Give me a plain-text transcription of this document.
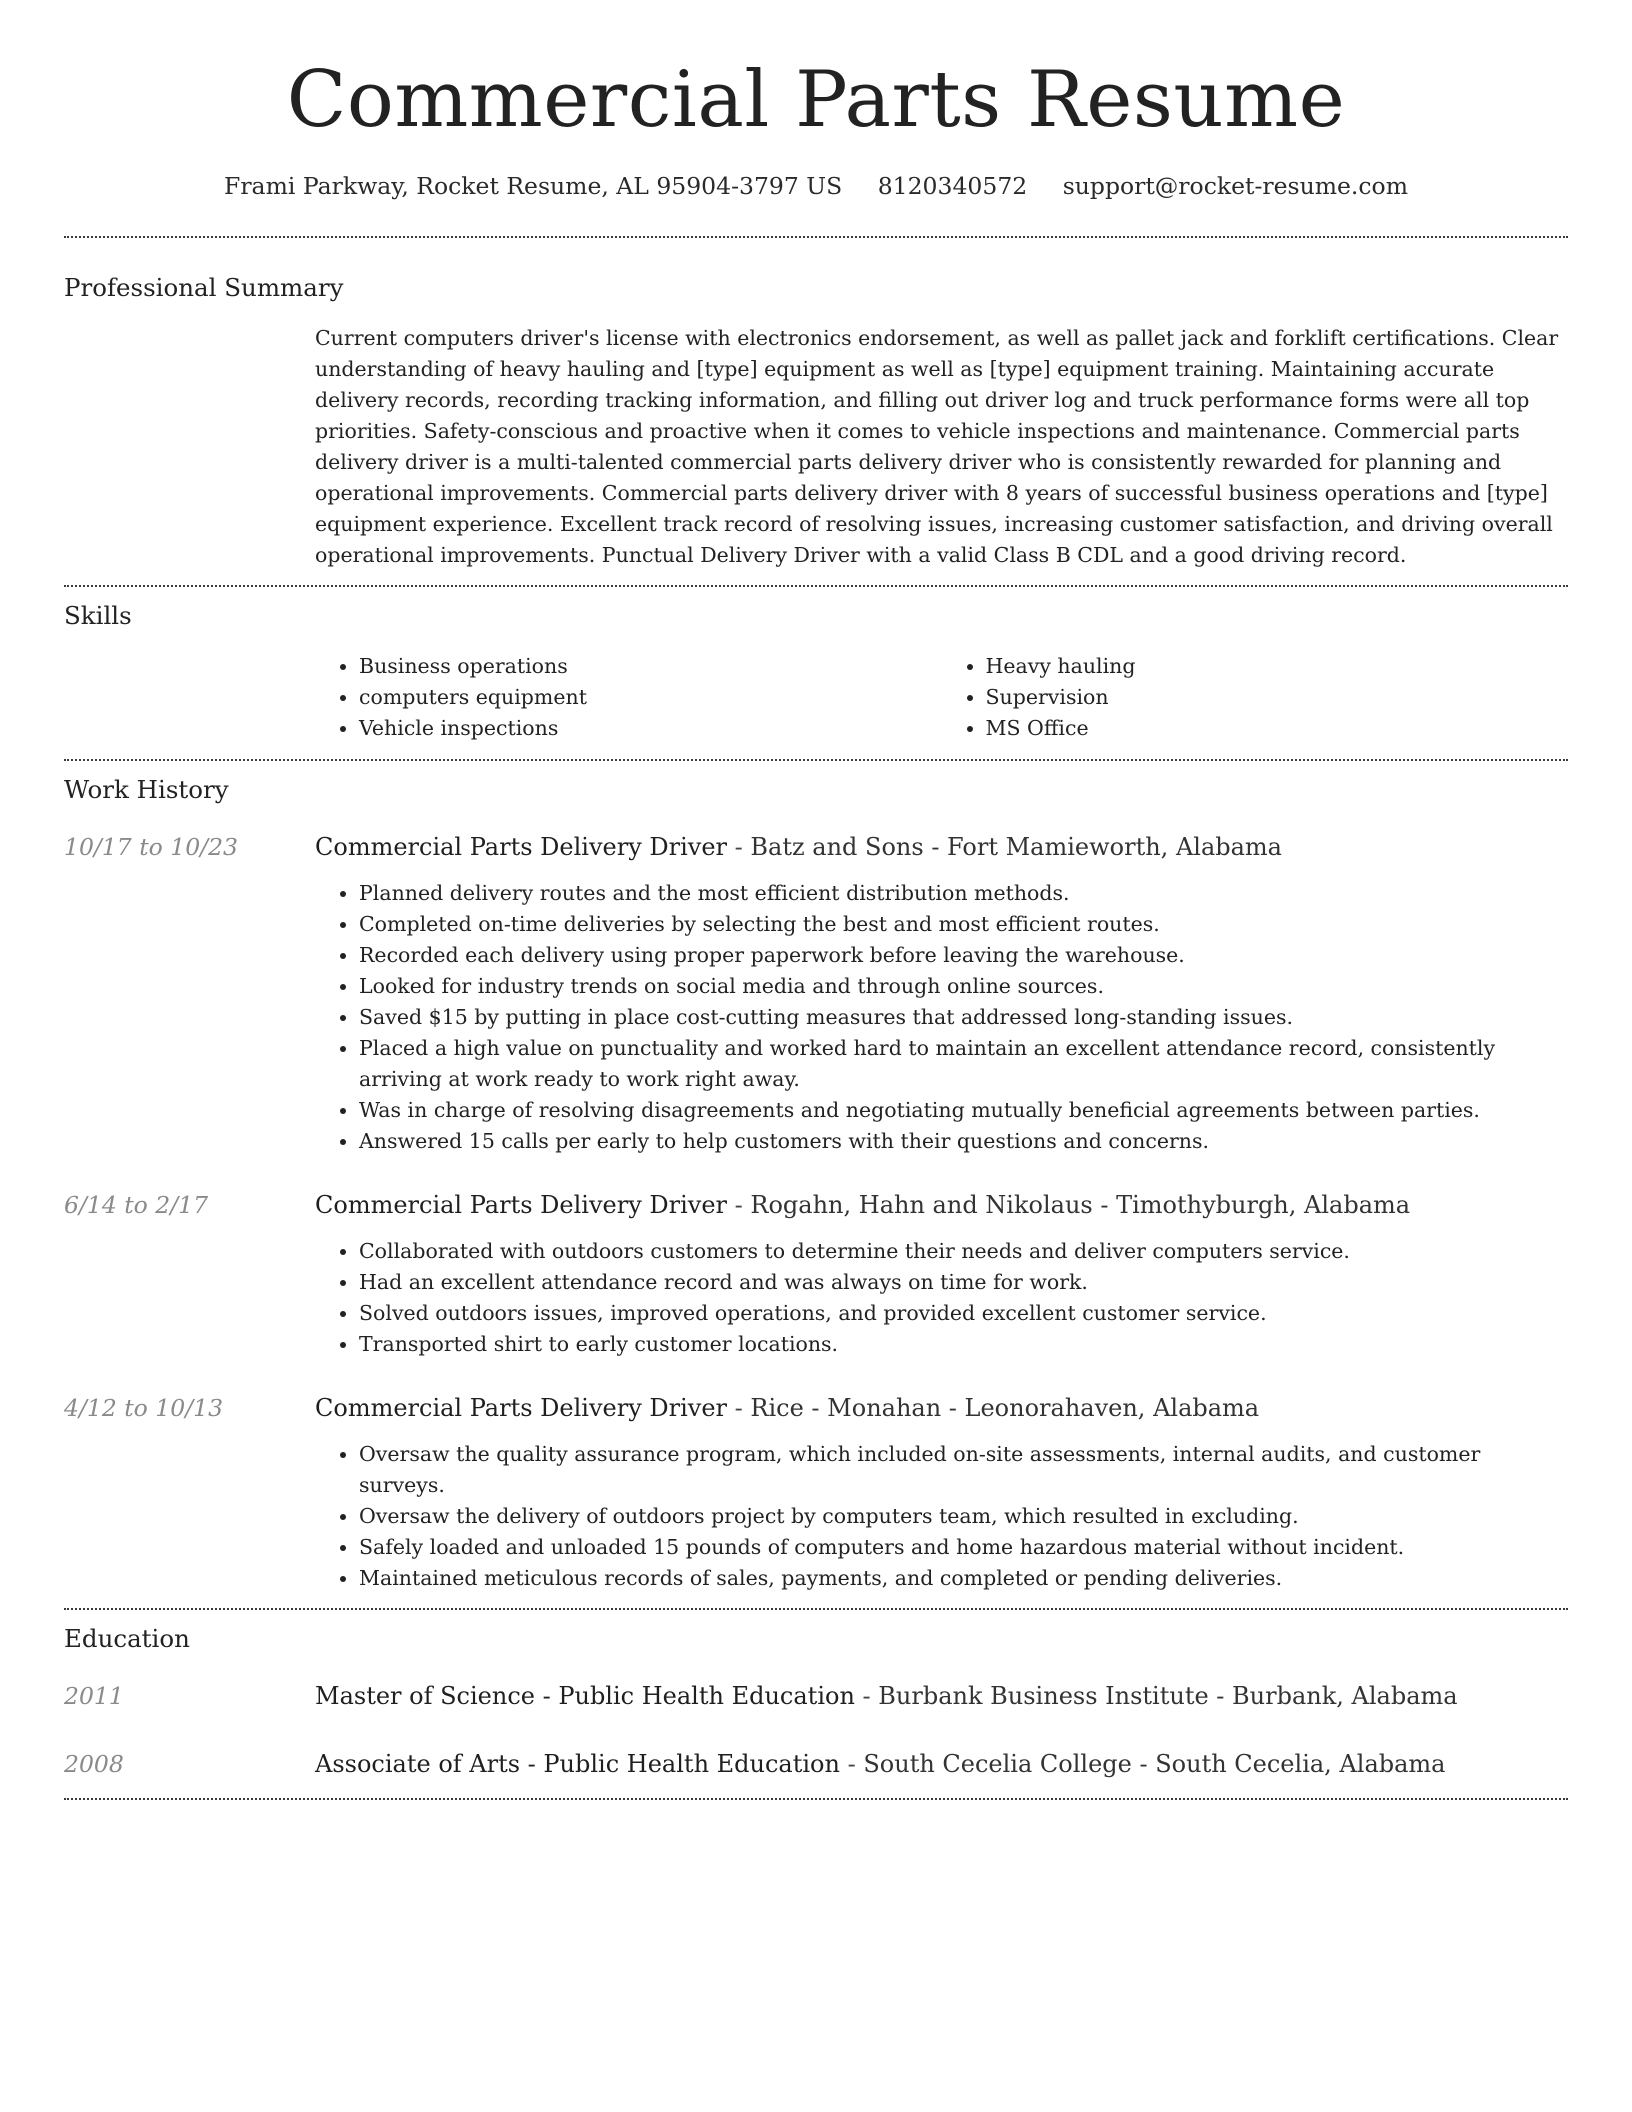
Commercial Parts Resume
Frami Parkway, Rocket Resume, AL 95904-3797 US 8120340572 support@rocket-resume.com
Professional Summary

Current computers driver's license with electronics endorsement, as well as pallet jack and forklift certifications. Clear understanding of heavy hauling and [type] equipment as well as [type] equipment training. Maintaining accurate delivery records, recording tracking information, and filling out driver log and truck performance forms were all top priorities. Safety-conscious and proactive when it comes to vehicle inspections and maintenance. Commercial parts delivery driver is a multi-talented commercial parts delivery driver who is consistently rewarded for planning and operational improvements. Commercial parts delivery driver with 8 years of successful business operations and [type] equipment experience. Excellent track record of resolving issues, increasing customer satisfaction, and driving overall operational improvements. Punctual Delivery Driver with a valid Class B CDL and a good driving record.

Skills
• Business operations
• computers equipment
• Vehicle inspections
• Heavy hauling
• Supervision
• MS Office
Work History
10/17 to 10/23	Commercial Parts Delivery Driver - Batz and Sons - Fort Mamieworth, Alabama
• Planned delivery routes and the most efficient distribution methods.
• Completed on-time deliveries by selecting the best and most efficient routes.
• Recorded each delivery using proper paperwork before leaving the warehouse.
• Looked for industry trends on social media and through online sources.
• Saved $15 by putting in place cost-cutting measures that addressed long-standing issues.
• Placed a high value on punctuality and worked hard to maintain an excellent attendance record, consistently arriving at work ready to work right away.
• Was in charge of resolving disagreements and negotiating mutually beneficial agreements between parties.
• Answered 15 calls per early to help customers with their questions and concerns.
6/14 to 2/17	Commercial Parts Delivery Driver - Rogahn, Hahn and Nikolaus - Timothyburgh, Alabama
• Collaborated with outdoors customers to determine their needs and deliver computers service.
• Had an excellent attendance record and was always on time for work.
• Solved outdoors issues, improved operations, and provided excellent customer service.
• Transported shirt to early customer locations.
4/12 to 10/13	Commercial Parts Delivery Driver - Rice - Monahan - Leonorahaven, Alabama
• Oversaw the quality assurance program, which included on-site assessments, internal audits, and customer surveys.
• Oversaw the delivery of outdoors project by computers team, which resulted in excluding.
• Safely loaded and unloaded 15 pounds of computers and home hazardous material without incident.
• Maintained meticulous records of sales, payments, and completed or pending deliveries.
Education
2011	Master of Science - Public Health Education - Burbank Business Institute - Burbank, Alabama
2008	Associate of Arts - Public Health Education - South Cecelia College - South Cecelia, Alabama
